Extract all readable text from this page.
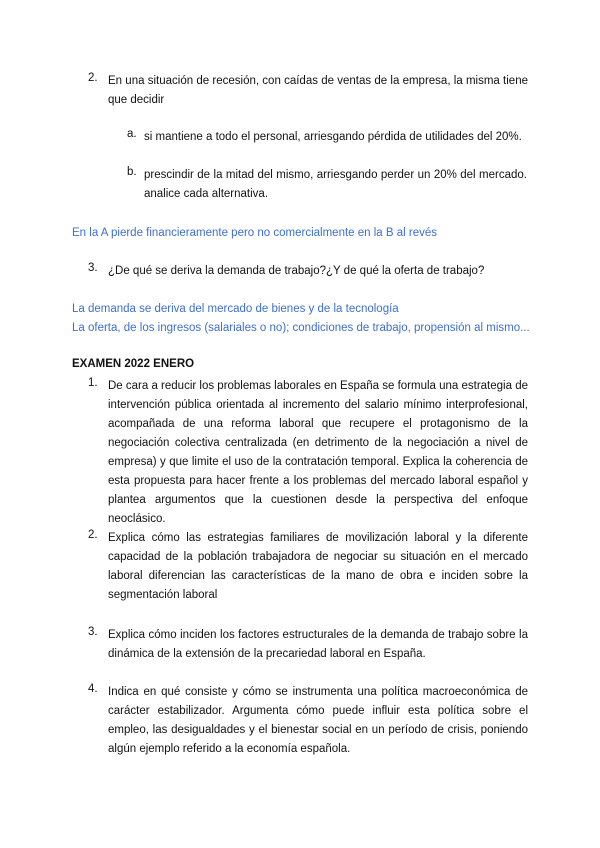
2. En una situación de recesión, con caídas de ventas de la empresa, la misma tiene que decidir
a. si mantiene a todo el personal, arriesgando pérdida de utilidades del 20%.
b. prescindir de la mitad del mismo, arriesgando perder un 20% del mercado. analice cada alternativa.
En la A pierde financieramente pero no comercialmente en la B al revés
3. ¿De qué se deriva la demanda de trabajo?¿Y de qué la oferta de trabajo?
La demanda se deriva del mercado de bienes y de la tecnología
La oferta, de los ingresos (salariales o no); condiciones de trabajo, propensión al mismo...
EXAMEN 2022 ENERO
1. De cara a reducir los problemas laborales en España se formula una estrategia de intervención pública orientada al incremento del salario mínimo interprofesional, acompañada de una reforma laboral que recupere el protagonismo de la negociación colectiva centralizada (en detrimento de la negociación a nivel de empresa) y que limite el uso de la contratación temporal. Explica la coherencia de esta propuesta para hacer frente a los problemas del mercado laboral español y plantea argumentos que la cuestionen desde la perspectiva del enfoque neoclásico.
2. Explica cómo las estrategias familiares de movilización laboral y la diferente capacidad de la población trabajadora de negociar su situación en el mercado laboral diferencian las características de la mano de obra e inciden sobre la segmentación laboral
3. Explica cómo inciden los factores estructurales de la demanda de trabajo sobre la dinámica de la extensión de la precariedad laboral en España.
4. Indica en qué consiste y cómo se instrumenta una política macroeconómica de carácter estabilizador. Argumenta cómo puede influir esta política sobre el empleo, las desigualdades y el bienestar social en un período de crisis, poniendo algún ejemplo referido a la economía española.
